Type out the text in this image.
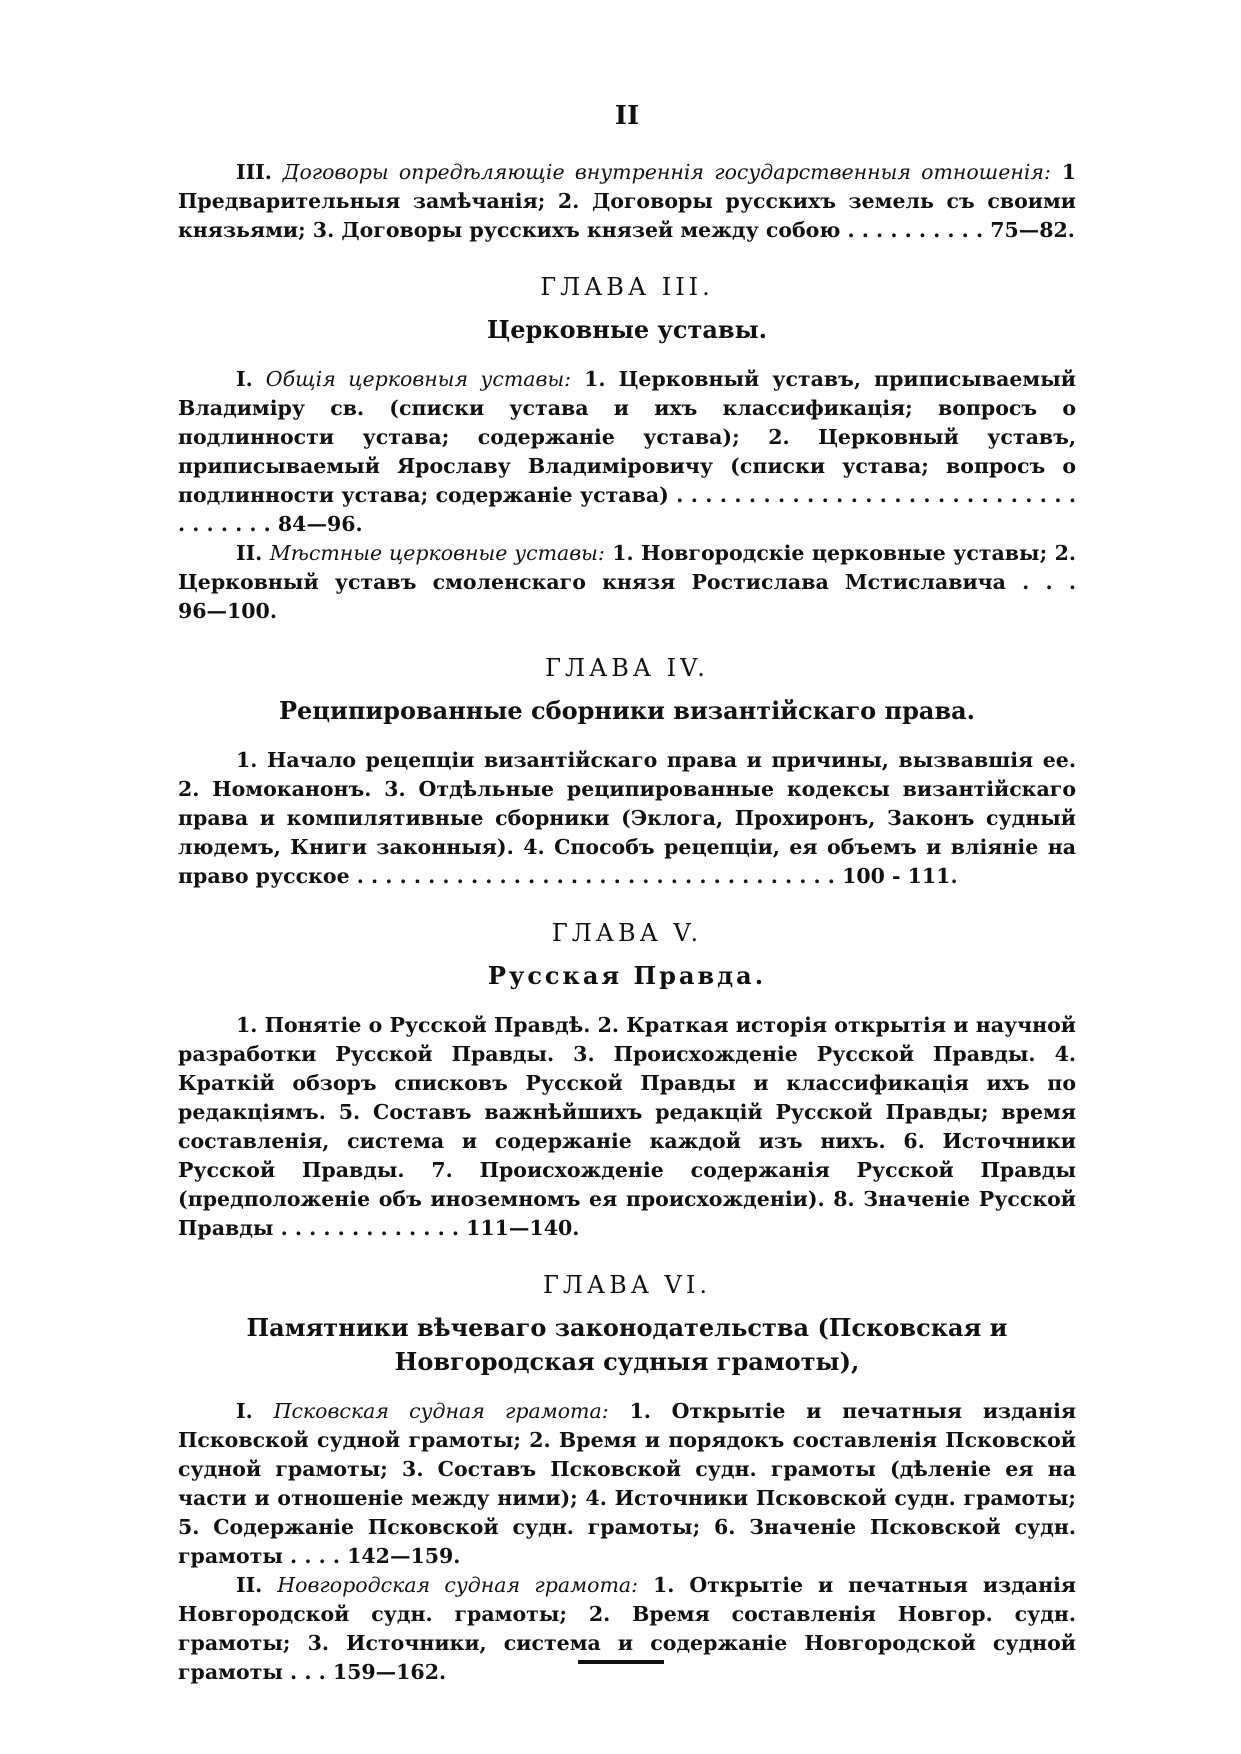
II
III. Договоры опредѣляющіе внутреннія государственныя отношенія: 1 Предварительныя замѣчанія; 2. Договоры русскихъ земель съ своими князьями; 3. Договоры русскихъ князей между собою . . . . . . . . . . 75—82.
ГЛАВА III.
Церковные уставы.
I. Общія церковныя уставы: 1. Церковный уставъ, приписываемый Владиміру св. (списки устава и ихъ классификація; вопросъ о подлинности устава; содержаніе устава); 2. Церковный уставъ, приписываемый Ярославу Владиміровичу (списки устава; вопросъ о подлинности устава; содержаніе устава) . . . . . . . . . . . . . . . . . . . . . . . . . . . . . . . . . . . 84—96.
II. Мѣстные церковные уставы: 1. Новгородскіе церковные уставы; 2. Церковный уставъ смоленскаго князя Ростислава Мстиславича . . . 96—100.
ГЛАВА IV.
Реципированные сборники византійскаго права.
1. Начало рецепціи византійскаго права и причины, вызвавшія ее. 2. Номоканонъ. 3. Отдѣльные реципированные кодексы византійскаго права и компилятивные сборники (Эклога, Прохиронъ, Законъ судный людемъ, Книги законныя). 4. Способъ рецепціи, ея объемъ и вліяніе на право русское . . . . . . . . . . . . . . . . . . . . . . . . . . . . . . . . . . 100 - 111.
ГЛАВА V.
Русская Правда.
1. Понятіе о Русской Правдѣ. 2. Краткая исторія открытія и научной разработки Русской Правды. 3. Происхожденіе Русской Правды. 4. Краткій обзоръ списковъ Русской Правды и классификація ихъ по редакціямъ. 5. Составъ важнѣйшихъ редакцій Русской Правды; время составленія, система и содержаніе каждой изъ нихъ. 6. Источники Русской Правды. 7. Происхожденіе содержанія Русской Правды (предположеніе объ иноземномъ ея происхожденіи). 8. Значеніе Русской Правды . . . . . . . . . . . . . 111—140.
ГЛАВА VI.
Памятники вѣчеваго законодательства (Псковская и Новгородская судныя грамоты),
I. Псковская судная грамота: 1. Открытіе и печатныя изданія Псковской судной грамоты; 2. Время и порядокъ составленія Псковской судной грамоты; 3. Составъ Псковской судн. грамоты (дѣленіе ея на части и отношеніе между ними); 4. Источники Псковской судн. грамоты; 5. Содержаніе Псковской судн. грамоты; 6. Значеніе Псковской судн. грамоты . . . . 142—159.
II. Новгородская судная грамота: 1. Открытіе и печатныя изданія Новгородской судн. грамоты; 2. Время составленія Новгор. судн. грамоты; 3. Источники, система и содержаніе Новгородской судной грамоты . . . 159—162.
